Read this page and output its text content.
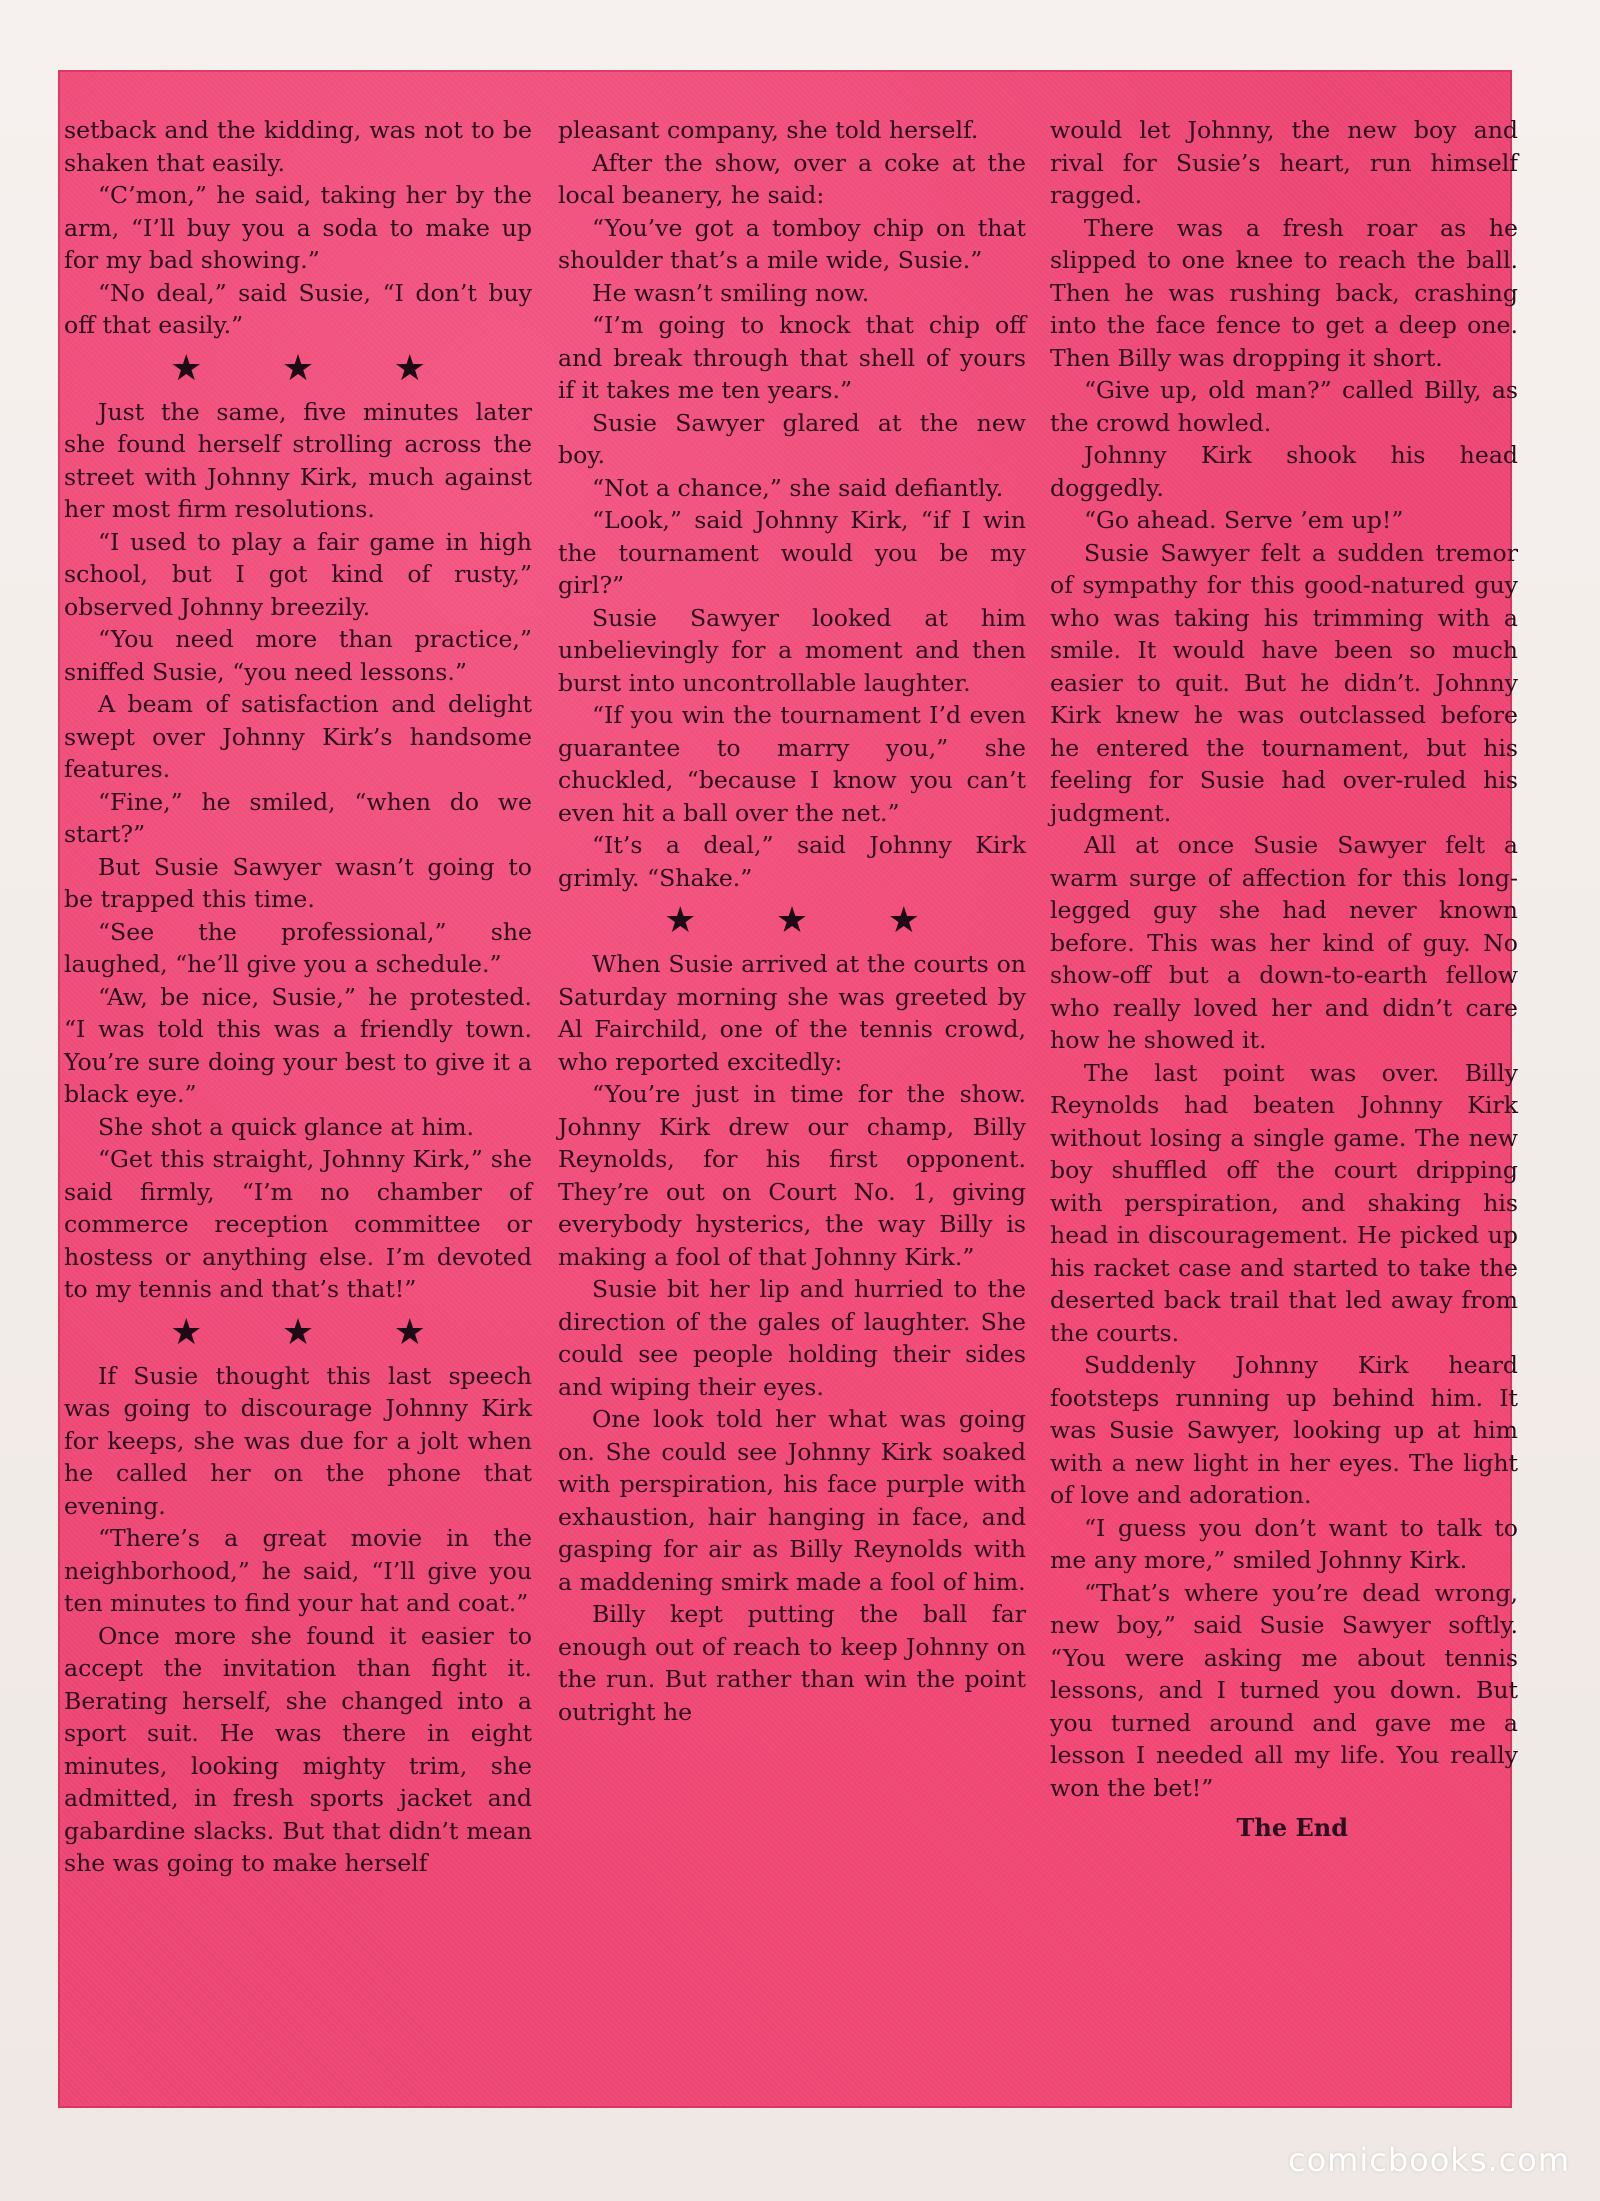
setback and the kidding, was not to be shaken that easily.

“C’mon,” he said, taking her by the arm, “I’ll buy you a soda to make up for my bad showing.”

“No deal,” said Susie, “I don’t buy off that easily.”

★ ★ ★

Just the same, five minutes later she found herself strolling across the street with Johnny Kirk, much against her most firm resolutions.

“I used to play a fair game in high school, but I got kind of rusty,” observed Johnny breezily.

“You need more than practice,” sniffed Susie, “you need lessons.”

A beam of satisfaction and delight swept over Johnny Kirk’s handsome features.

“Fine,” he smiled, “when do we start?”

But Susie Sawyer wasn’t going to be trapped this time.

“See the professional,” she laughed, “he’ll give you a schedule.”

“Aw, be nice, Susie,” he protested. “I was told this was a friendly town. You’re sure doing your best to give it a black eye.”

She shot a quick glance at him.

“Get this straight, Johnny Kirk,” she said firmly, “I’m no chamber of commerce reception committee or hostess or anything else. I’m devoted to my tennis and that’s that!”

★ ★ ★

If Susie thought this last speech was going to discourage Johnny Kirk for keeps, she was due for a jolt when he called her on the phone that evening.

“There’s a great movie in the neighborhood,” he said, “I’ll give you ten minutes to find your hat and coat.”

Once more she found it easier to accept the invitation than fight it. Berating herself, she changed into a sport suit. He was there in eight minutes, looking mighty trim, she admitted, in fresh sports jacket and gabardine slacks. But that didn’t mean she was going to make herself

pleasant company, she told herself.

After the show, over a coke at the local beanery, he said:

“You’ve got a tomboy chip on that shoulder that’s a mile wide, Susie.”

He wasn’t smiling now.

“I’m going to knock that chip off and break through that shell of yours if it takes me ten years.”

Susie Sawyer glared at the new boy.

“Not a chance,” she said defiantly.

“Look,” said Johnny Kirk, “if I win the tournament would you be my girl?”

Susie Sawyer looked at him unbelievingly for a moment and then burst into uncontrollable laughter.

“If you win the tournament I’d even guarantee to marry you,” she chuckled, “because I know you can’t even hit a ball over the net.”

“It’s a deal,” said Johnny Kirk grimly. “Shake.”

★ ★ ★

When Susie arrived at the courts on Saturday morning she was greeted by Al Fairchild, one of the tennis crowd, who reported excitedly:

“You’re just in time for the show. Johnny Kirk drew our champ, Billy Reynolds, for his first opponent. They’re out on Court No. 1, giving everybody hysterics, the way Billy is making a fool of that Johnny Kirk.”

Susie bit her lip and hurried to the direction of the gales of laughter. She could see people holding their sides and wiping their eyes.

One look told her what was going on. She could see Johnny Kirk soaked with perspiration, his face purple with exhaustion, hair hanging in face, and gasping for air as Billy Reynolds with a maddening smirk made a fool of him.

Billy kept putting the ball far enough out of reach to keep Johnny on the run. But rather than win the point outright he

would let Johnny, the new boy and rival for Susie’s heart, run himself ragged.

There was a fresh roar as he slipped to one knee to reach the ball. Then he was rushing back, crashing into the face fence to get a deep one. Then Billy was dropping it short.

“Give up, old man?” called Billy, as the crowd howled.

Johnny Kirk shook his head doggedly.

“Go ahead. Serve ’em up!”

Susie Sawyer felt a sudden tremor of sympathy for this good-natured guy who was taking his trimming with a smile. It would have been so much easier to quit. But he didn’t. Johnny Kirk knew he was outclassed before he entered the tournament, but his feeling for Susie had over-ruled his judgment.

All at once Susie Sawyer felt a warm surge of affection for this long-legged guy she had never known before. This was her kind of guy. No show-off but a down-to-earth fellow who really loved her and didn’t care how he showed it.

The last point was over. Billy Reynolds had beaten Johnny Kirk without losing a single game. The new boy shuffled off the court dripping with perspiration, and shaking his head in discouragement. He picked up his racket case and started to take the deserted back trail that led away from the courts.

Suddenly Johnny Kirk heard footsteps running up behind him. It was Susie Sawyer, looking up at him with a new light in her eyes. The light of love and adoration.

“I guess you don’t want to talk to me any more,” smiled Johnny Kirk.

“That’s where you’re dead wrong, new boy,” said Susie Sawyer softly. “You were asking me about tennis lessons, and I turned you down. But you turned around and gave me a lesson I needed all my life. You really won the bet!”

The End
comicbooks.com
